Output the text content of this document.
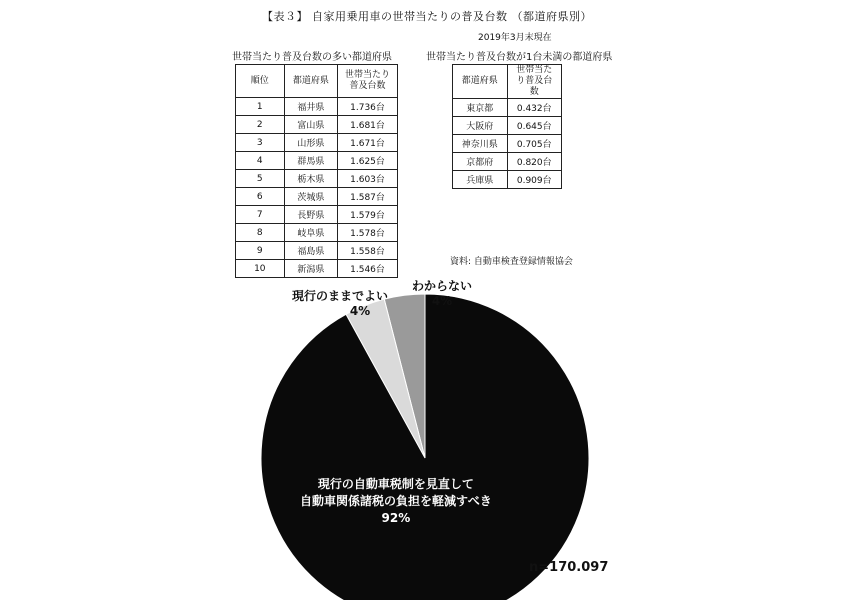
【表３】 自家用乗用車の世帯当たりの普及台数 （都道府県別）
2019年3月末現在
世帯当たり普及台数の多い都道府県	世帯当たり普及台数が1台未満の都道府県
順位	都道府県	世帯当たり普及台数
1	福井県	1.736台
2	富山県	1.681台
3	山形県	1.671台
4	群馬県	1.625台
5	栃木県	1.603台
6	茨城県	1.587台
7	長野県	1.579台
8	岐阜県	1.578台
9	福島県	1.558台
10	新潟県	1.546台
都道府県	世帯当たり普及台数
東京都	0.432台
大阪府	0.645台
神奈川県	0.705台
京都府	0.820台
兵庫県	0.909台
資料: 自動車検査登録情報協会
現行のままでよい
4%
わからない
4%
現行の自動車税制を見直して
自動車関係諸税の負担を軽減すべき
92%
n=170.097
